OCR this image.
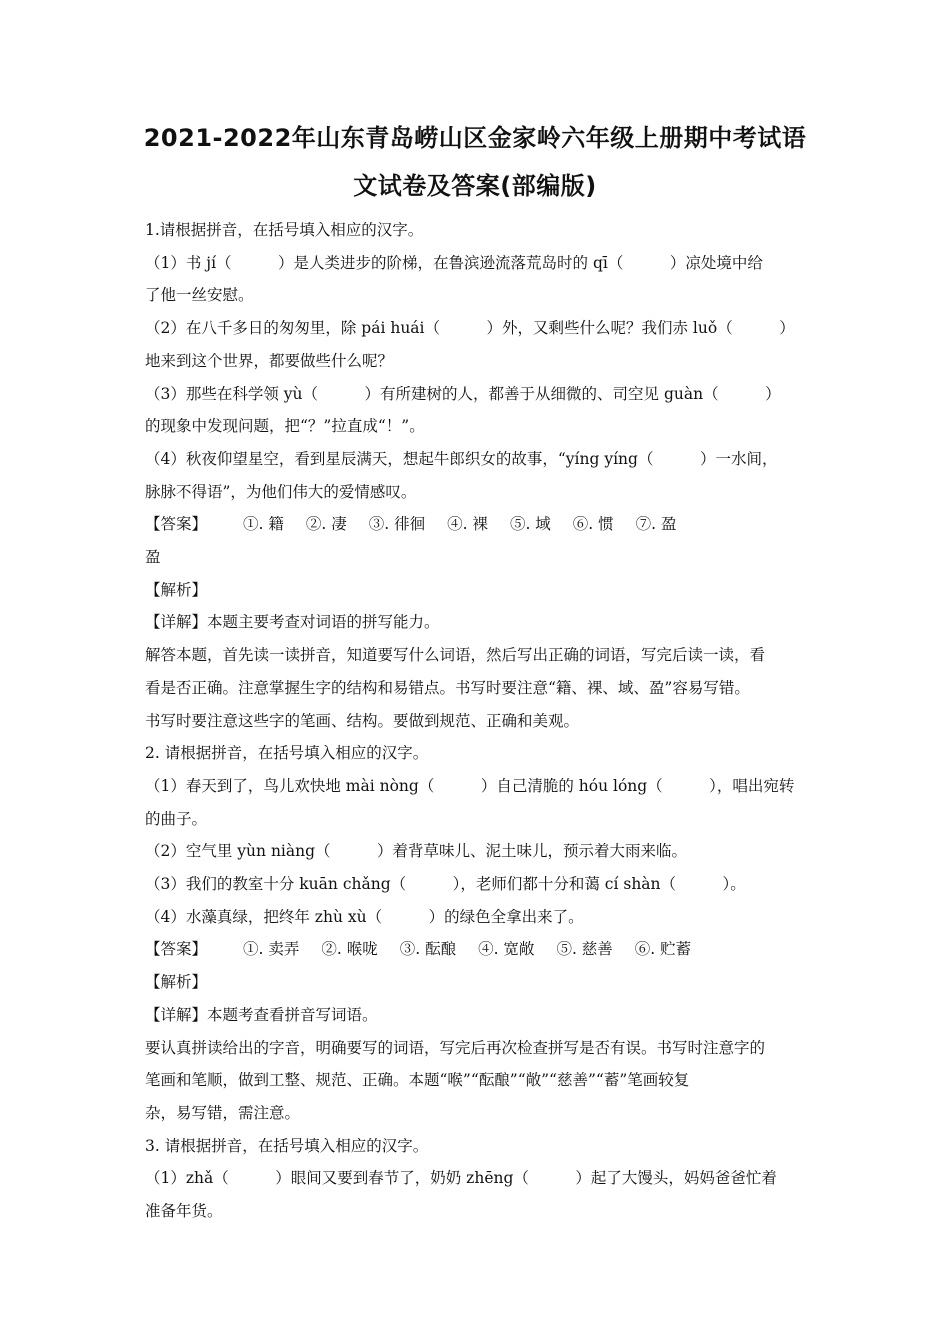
2021-2022年山东青岛崂山区金家岭六年级上册期中考试语
文试卷及答案(部编版)
1.请根据拼音，在括号填入相应的汉字。
（1）书 jí（　　　）是人类进步的阶梯，在鲁滨逊流落荒岛时的 qī（　　　）凉处境中给
了他一丝安慰。
（2）在八千多日的匆匆里，除 pái huái（　　　）外，又剩些什么呢？我们赤 luǒ（　　　）
地来到这个世界，都要做些什么呢？
（3）那些在科学领 yù（　　　）有所建树的人，都善于从细微的、司空见 guàn（　　　）
的现象中发现问题，把“？”拉直成“！”。
（4）秋夜仰望星空，看到星辰满天，想起牛郎织女的故事，“yíng yíng（　　　）一水间，
脉脉不得语”，为他们伟大的爱情感叹。
【答案】 ①. 籍 ②. 凄 ③. 徘徊 ④. 裸 ⑤. 域 ⑥. 惯 ⑦. 盈
盈
【解析】
【详解】本题主要考查对词语的拼写能力。
解答本题，首先读一读拼音，知道要写什么词语，然后写出正确的词语，写完后读一读，看
看是否正确。注意掌握生字的结构和易错点。书写时要注意“籍、裸、域、盈”容易写错。
书写时要注意这些字的笔画、结构。要做到规范、正确和美观。
2. 请根据拼音，在括号填入相应的汉字。
（1）春天到了，鸟儿欢快地 mài nòng（　　　）自己清脆的 hóu lóng（　　　），唱出宛转
的曲子。
（2）空气里 yùn niàng（　　　）着背草味儿、泥土味儿，预示着大雨来临。
（3）我们的教室十分 kuān chǎng（　　　），老师们都十分和蔼 cí shàn（　　　）。
（4）水藻真绿，把终年 zhù xù（　　　）的绿色全拿出来了。
【答案】 ①. 卖弄 ②. 喉咙 ③. 酝酿 ④. 宽敞 ⑤. 慈善 ⑥. 贮蓄
【解析】
【详解】本题考查看拼音写词语。
要认真拼读给出的字音，明确要写的词语，写完后再次检查拼写是否有误。书写时注意字的
笔画和笔顺，做到工整、规范、正确。本题“喉”“酝酿”“敞”“慈善”“蓄”笔画较复
杂，易写错，需注意。
3. 请根据拼音，在括号填入相应的汉字。
（1）zhǎ（　　　）眼间又要到春节了，奶奶 zhēng（　　　）起了大馒头，妈妈爸爸忙着
准备年货。
